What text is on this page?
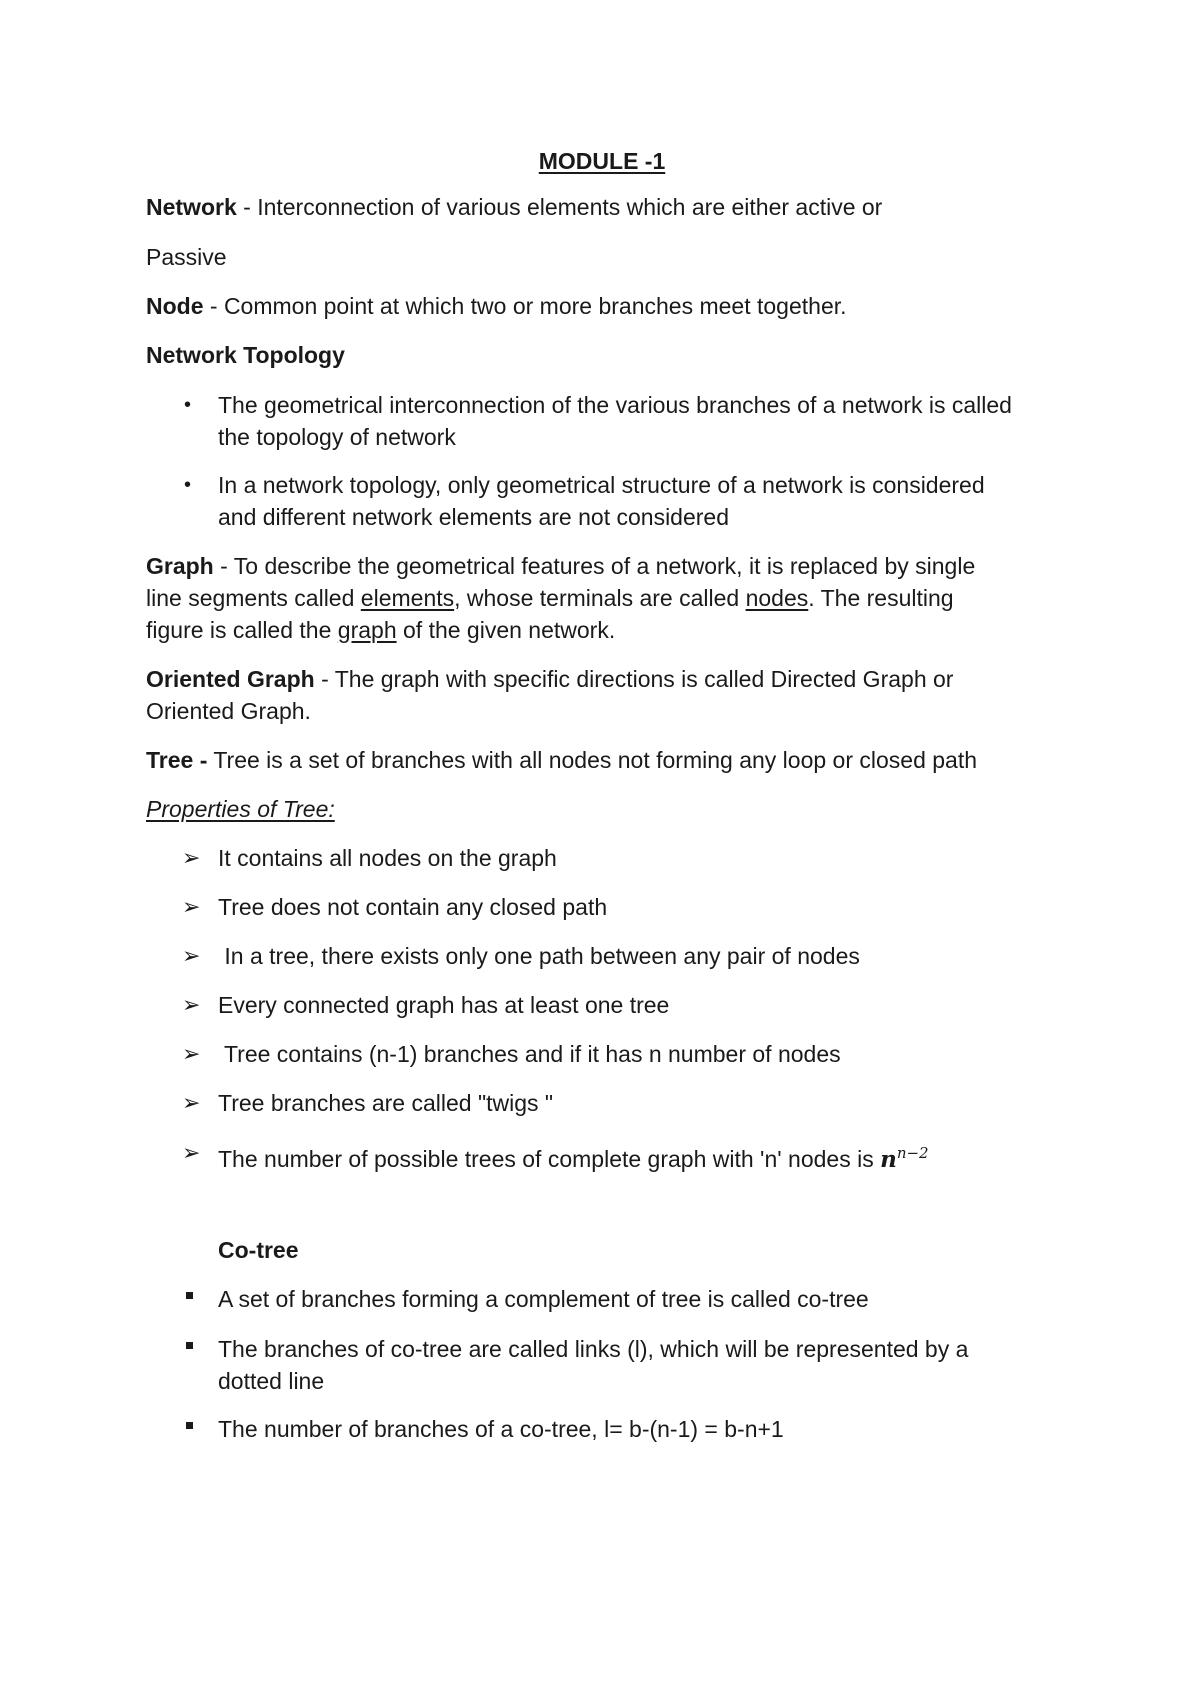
MODULE -1
Network - Interconnection of various elements which are either active or
Passive
Node - Common point at which two or more branches meet together.
Network Topology
• The geometrical interconnection of the various branches of a network is called
the topology of network
• In a network topology, only geometrical structure of a network is considered
and different network elements are not considered
Graph - To describe the geometrical features of a network, it is replaced by single
line segments called elements, whose terminals are called nodes. The resulting
figure is called the graph of the given network.
Oriented Graph - The graph with specific directions is called Directed Graph or
Oriented Graph.
Tree - Tree is a set of branches with all nodes not forming any loop or closed path
Properties of Tree:
➢ It contains all nodes on the graph
➢ Tree does not contain any closed path
➢ In a tree, there exists only one path between any pair of nodes
➢ Every connected graph has at least one tree
➢ Tree contains (n-1) branches and if it has n number of nodes
➢ Tree branches are called "twigs "
➢ The number of possible trees of complete graph with 'n' nodes is $n^{n-2}$
Co-tree
A set of branches forming a complement of tree is called co-tree
The branches of co-tree are called links (l), which will be represented by a
dotted line
The number of branches of a co-tree, l= b-(n-1) = b-n+1
